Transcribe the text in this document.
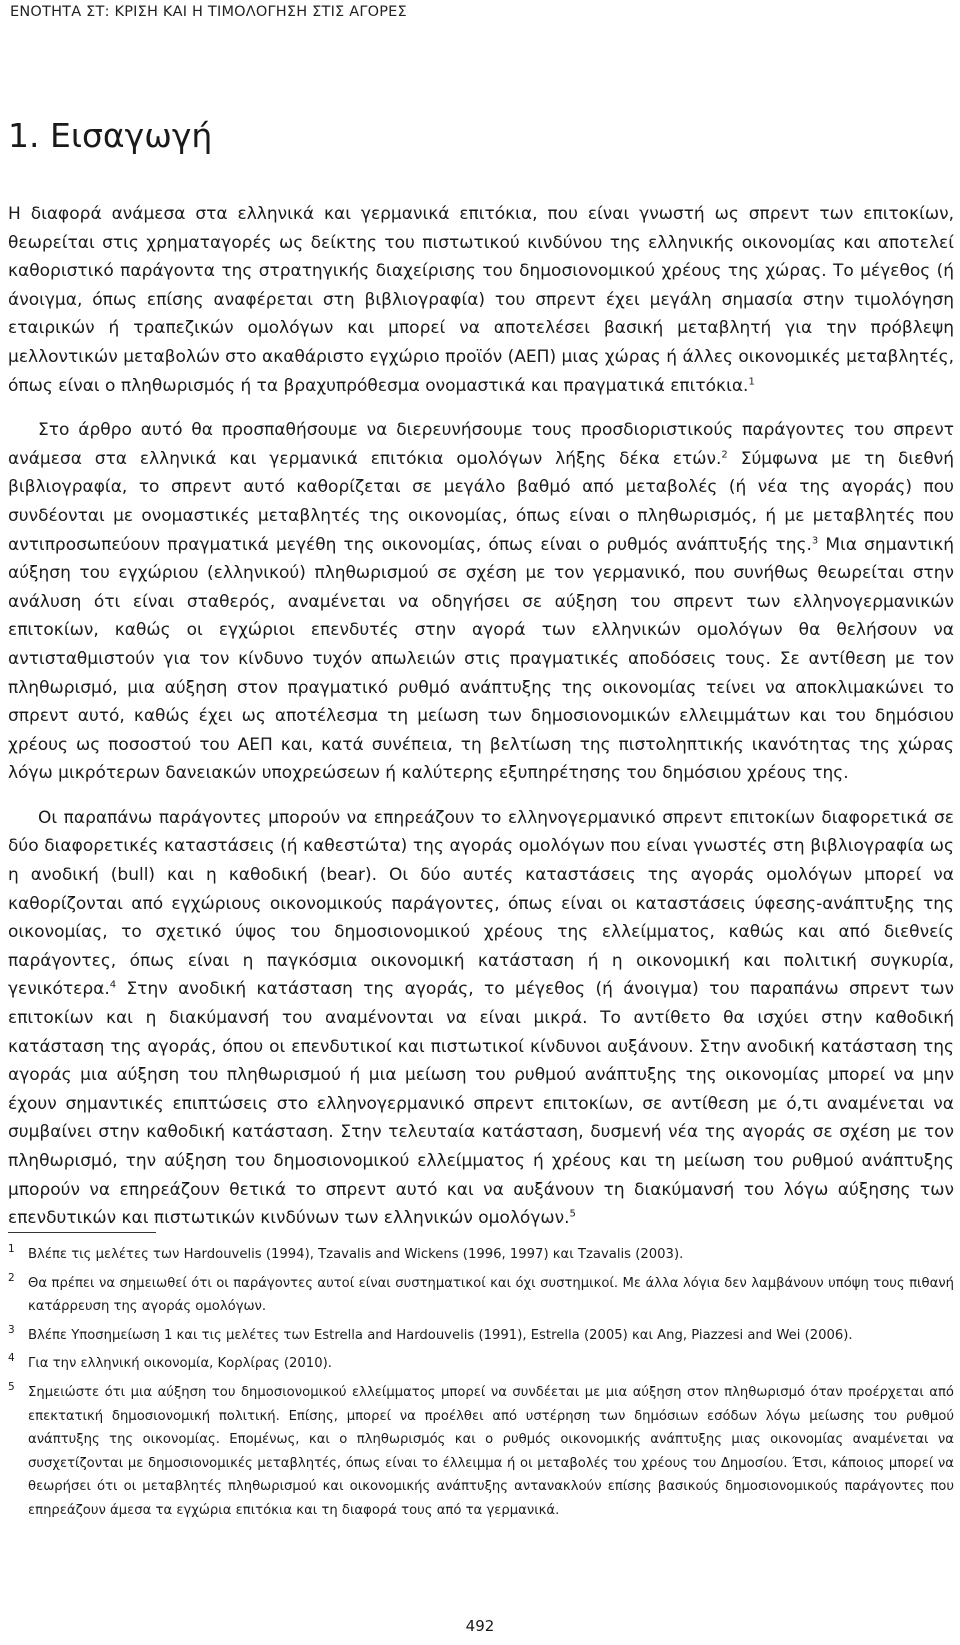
ΕΝΟΤΗΤΑ ΣΤ: ΚΡΙΣΗ ΚΑΙ Η ΤΙΜΟΛΟΓΗΣΗ ΣΤΙΣ ΑΓΟΡΕΣ
1. Εισαγωγή

Η διαφορά ανάμεσα στα ελληνικά και γερμανικά επιτόκια, που είναι γνωστή ως σπρεντ των επιτοκίων, θεωρείται στις χρηματαγορές ως δείκτης του πιστωτικού κινδύνου της ελληνικής οικονομίας και αποτελεί καθοριστικό παράγοντα της στρατηγικής διαχείρισης του δημοσιονομικού χρέους της χώρας. Το μέγεθος (ή άνοιγμα, όπως επίσης αναφέρεται στη βιβλιογραφία) του σπρεντ έχει μεγάλη σημασία στην τιμολόγηση εταιρικών ή τραπεζικών ομολόγων και μπορεί να αποτελέσει βασική μεταβλητή για την πρόβλεψη μελλοντικών μεταβολών στο ακαθάριστο εγχώριο προϊόν (ΑΕΠ) μιας χώρας ή άλλες οικονομικές μεταβλητές, όπως είναι ο πληθωρισμός ή τα βραχυπρόθεσμα ονομαστικά και πραγματικά επιτόκια.$^1$

Στο άρθρο αυτό θα προσπαθήσουμε να διερευνήσουμε τους προσδιοριστικούς παράγοντες του σπρεντ ανάμεσα στα ελληνικά και γερμανικά επιτόκια ομολόγων λήξης δέκα ετών.$^2$ Σύμφωνα με τη διεθνή βιβλιογραφία, το σπρεντ αυτό καθορίζεται σε μεγάλο βαθμό από μεταβολές (ή νέα της αγοράς) που συνδέονται με ονομαστικές μεταβλητές της οικονομίας, όπως είναι ο πληθωρισμός, ή με μεταβλητές που αντιπροσωπεύουν πραγματικά μεγέθη της οικονομίας, όπως είναι ο ρυθμός ανάπτυξής της.$^3$ Μια σημαντική αύξηση του εγχώριου (ελληνικού) πληθωρισμού σε σχέση με τον γερμανικό, που συνήθως θεωρείται στην ανάλυση ότι είναι σταθερός, αναμένεται να οδηγήσει σε αύξηση του σπρεντ των ελληνογερμανικών επιτοκίων, καθώς οι εγχώριοι επενδυτές στην αγορά των ελληνικών ομολόγων θα θελήσουν να αντισταθμιστούν για τον κίνδυνο τυχόν απωλειών στις πραγματικές αποδόσεις τους. Σε αντίθεση με τον πληθωρισμό, μια αύξηση στον πραγματικό ρυθμό ανάπτυξης της οικονομίας τείνει να αποκλιμακώνει το σπρεντ αυτό, καθώς έχει ως αποτέλεσμα τη μείωση των δημοσιονομικών ελλειμμάτων και του δημόσιου χρέους ως ποσοστού του ΑΕΠ και, κατά συνέπεια, τη βελτίωση της πιστοληπτικής ικανότητας της χώρας λόγω μικρότερων δανειακών υποχρεώσεων ή καλύτερης εξυπηρέτησης του δημόσιου χρέους της.

Οι παραπάνω παράγοντες μπορούν να επηρεάζουν το ελληνογερμανικό σπρεντ επιτοκίων διαφορετικά σε δύο διαφορετικές καταστάσεις (ή καθεστώτα) της αγοράς ομολόγων που είναι γνωστές στη βιβλιογραφία ως η ανοδική (bull) και η καθοδική (bear). Οι δύο αυτές καταστάσεις της αγοράς ομολόγων μπορεί να καθορίζονται από εγχώριους οικονομικούς παράγοντες, όπως είναι οι καταστάσεις ύφεσης-ανάπτυξης της οικονομίας, το σχετικό ύψος του δημοσιονομικού χρέους της ελλείμματος, καθώς και από διεθνείς παράγοντες, όπως είναι η παγκόσμια οικονομική κατάσταση ή η οικονομική και πολιτική συγκυρία, γενικότερα.$^4$ Στην ανοδική κατάσταση της αγοράς, το μέγεθος (ή άνοιγμα) του παραπάνω σπρεντ των επιτοκίων και η διακύμανσή του αναμένονται να είναι μικρά. Το αντίθετο θα ισχύει στην καθοδική κατάσταση της αγοράς, όπου οι επενδυτικοί και πιστωτικοί κίνδυνοι αυξάνουν. Στην ανοδική κατάσταση της αγοράς μια αύξηση του πληθωρισμού ή μια μείωση του ρυθμού ανάπτυξης της οικονομίας μπορεί να μην έχουν σημαντικές επιπτώσεις στο ελληνογερμανικό σπρεντ επιτοκίων, σε αντίθεση με ό,τι αναμένεται να συμβαίνει στην καθοδική κατάσταση. Στην τελευταία κατάσταση, δυσμενή νέα της αγοράς σε σχέση με τον πληθωρισμό, την αύξηση του δημοσιονομικού ελλείμματος ή χρέους και τη μείωση του ρυθμού ανάπτυξης μπορούν να επηρεάζουν θετικά το σπρεντ αυτό και να αυξάνουν τη διακύμανσή του λόγω αύξησης των επενδυτικών και πιστωτικών κινδύνων των ελληνικών ομολόγων.$^5$

1 Βλέπε τις μελέτες των Hardouvelis (1994), Tzavalis and Wickens (1996, 1997) και Tzavalis (2003).
2 Θα πρέπει να σημειωθεί ότι οι παράγοντες αυτοί είναι συστηματικοί και όχι συστημικοί. Με άλλα λόγια δεν λαμβάνουν υπόψη τους πιθανή κατάρρευση της αγοράς ομολόγων.
3 Βλέπε Υποσημείωση 1 και τις μελέτες των Estrella and Hardouvelis (1991), Estrella (2005) και Ang, Piazzesi and Wei (2006).
4 Για την ελληνική οικονομία, Κορλίρας (2010).
5 Σημειώστε ότι μια αύξηση του δημοσιονομικού ελλείμματος μπορεί να συνδέεται με μια αύξηση στον πληθωρισμό όταν προέρχεται από επεκτατική δημοσιονομική πολιτική. Επίσης, μπορεί να προέλθει από υστέρηση των δημόσιων εσόδων λόγω μείωσης του ρυθμού ανάπτυξης της οικονομίας. Επομένως, και ο πληθωρισμός και ο ρυθμός οικονομικής ανάπτυξης μιας οικονομίας αναμένεται να συσχετίζονται με δημοσιονομικές μεταβλητές, όπως είναι το έλλειμμα ή οι μεταβολές του χρέους του Δημοσίου. Έτσι, κάποιος μπορεί να θεωρήσει ότι οι μεταβλητές πληθωρισμού και οικονομικής ανάπτυξης αντανακλούν επίσης βασικούς δημοσιονομικούς παράγοντες που επηρεάζουν άμεσα τα εγχώρια επιτόκια και τη διαφορά τους από τα γερμανικά.
492
